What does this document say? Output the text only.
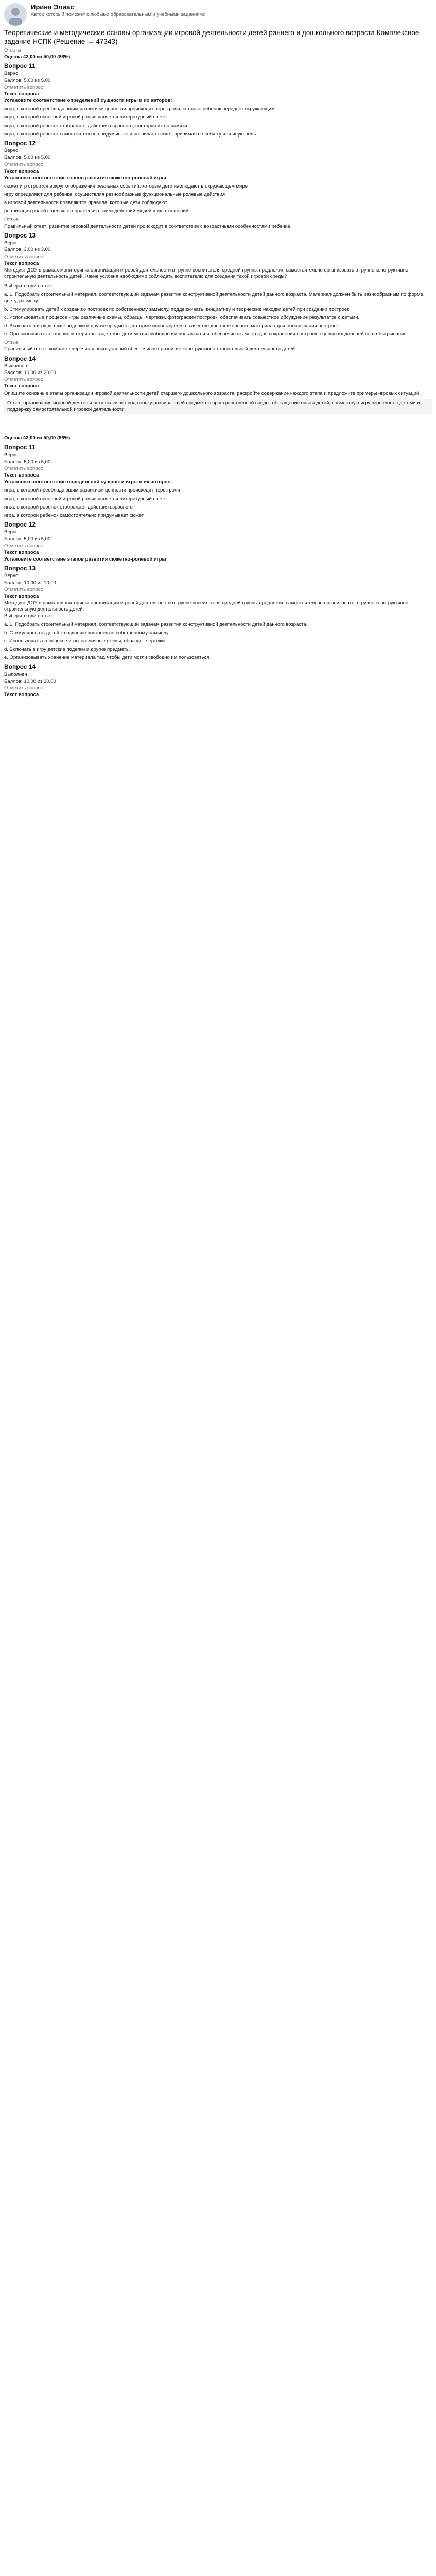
Ирина Элиас
Автор который поможет с любыми образовательным и учебными заданиями
Теоретические и методические основы организации игровой деятельности детей раннего и дошкольного возраста Комплексное задание НСПК (Решение → 47343)
Ответы
Оценка 43,00 из 50,00 (86%)
Вопрос 11
Верно
Баллов: 5,00 из 5,00
Отметить вопрос
Текст вопроса
Установите соответствие определений сущности игры и их авторов:
игра, в которой преобладающим развитием ценности происходит через роли, которые ребенок передает окружающим
игра, в которой основной игровой ролью является литературный сюжет
игра, в которой ребенок отображает действия взрослого, повторяя их по памяти
игра, в которой ребенок самостоятельно придумывает и развивает сюжет, принимая на себя ту или иную роль
Вопрос 12
Верно
Баллов: 5,00 из 5,00
Отметить вопрос
Текст вопроса
Установите соответствие этапов развития сюжетно-ролевой игры
сюжет игр строится вокруг отображения реальных событий, которые дети наблюдают в окружающем мире
игру определяют для ребенка, осуществляя разнообразные функциональные ролевые действия
в игровой деятельности появляются правила, которые дети соблюдают
реализация ролей с целью отображения взаимодействий людей и их отношений
Отзыв
Правильный ответ: развитие игровой деятельности детей происходит в соответствии с возрастными особенностями ребенка
Вопрос 13
Верно
Баллов: 3,00 из 3,00
Отметить вопрос
Текст вопроса
Методист ДОУ в рамках мониторинга организации игровой деятельности в группе воспитателя средней группы предложил самостоятельно организовать в группе конструктивно-строительную деятельность детей. Какие условия необходимо соблюдать воспитателю для создания такой игровой среды?
Выберите один ответ:
a. 1. Подобрать строительный материал, соответствующий задачам развития конструктивной деятельности детей данного возраста. Материал должен быть разнообразным по форме, цвету, размеру.
b. Стимулировать детей к созданию построек по собственному замыслу, поддерживать инициативу и творческие находки детей при создании построек.
c. Использовать в процессе игры различные схемы, образцы, чертежи, фотографии построек; обеспечивать совместное обсуждение результатов с детьми.
d. Включать в игру детские поделки и другие предметы, которые используются в качестве дополнительного материала для обыгрывания построек.
e. Организовывать хранение материала так, чтобы дети могли свободно им пользоваться; обеспечивать место для сохранения построек с целью их дальнейшего обыгрывания.
Отзыв
Правильный ответ: комплекс перечисленных условий обеспечивает развитие конструктивно-строительной деятельности детей
Вопрос 14
Выполнен
Баллов: 10,00 из 20,00
Отметить вопрос
Текст вопроса
Опишите основные этапы организации игровой деятельности детей старшего дошкольного возраста, раскройте содержание каждого этапа и предложите примеры игровых ситуаций.
Ответ: организация игровой деятельности включает подготовку развивающей предметно-пространственной среды, обогащение опыта детей, совместную игру взрослого с детьми и поддержку самостоятельной игровой деятельности.
Оценка 43,00 из 50,00 (86%)
Вопрос 11
Верно
Баллов: 5,00 из 5,00
Отметить вопрос
Текст вопроса
Установите соответствие определений сущности игры и их авторов:
игра, в которой преобладающим развитием ценности происходит через роли
игра, в которой основной игровой ролью является литературный сюжет
игра, в которой ребенок отображает действия взрослого
игра, в которой ребенок самостоятельно придумывает сюжет
Вопрос 12
Верно
Баллов: 5,00 из 5,00
Отметить вопрос
Текст вопроса
Установите соответствие этапов развития сюжетно-ролевой игры
Вопрос 13
Верно
Баллов: 10,00 из 10,00
Отметить вопрос
Текст вопроса
Методист ДОУ в рамках мониторинга организации игровой деятельности в группе воспитателя средней группы предложил самостоятельно организовать в группе конструктивно-строительную деятельность детей.
Выберите один ответ:
a. 1. Подобрать строительный материал, соответствующий задачам развития конструктивной деятельности детей данного возраста.
b. Стимулировать детей к созданию построек по собственному замыслу.
c. Использовать в процессе игры различные схемы, образцы, чертежи.
d. Включать в игру детские поделки и другие предметы.
e. Организовывать хранение материала так, чтобы дети могли свободно им пользоваться.
Вопрос 14
Выполнен
Баллов: 10,00 из 20,00
Отметить вопрос
Текст вопроса
